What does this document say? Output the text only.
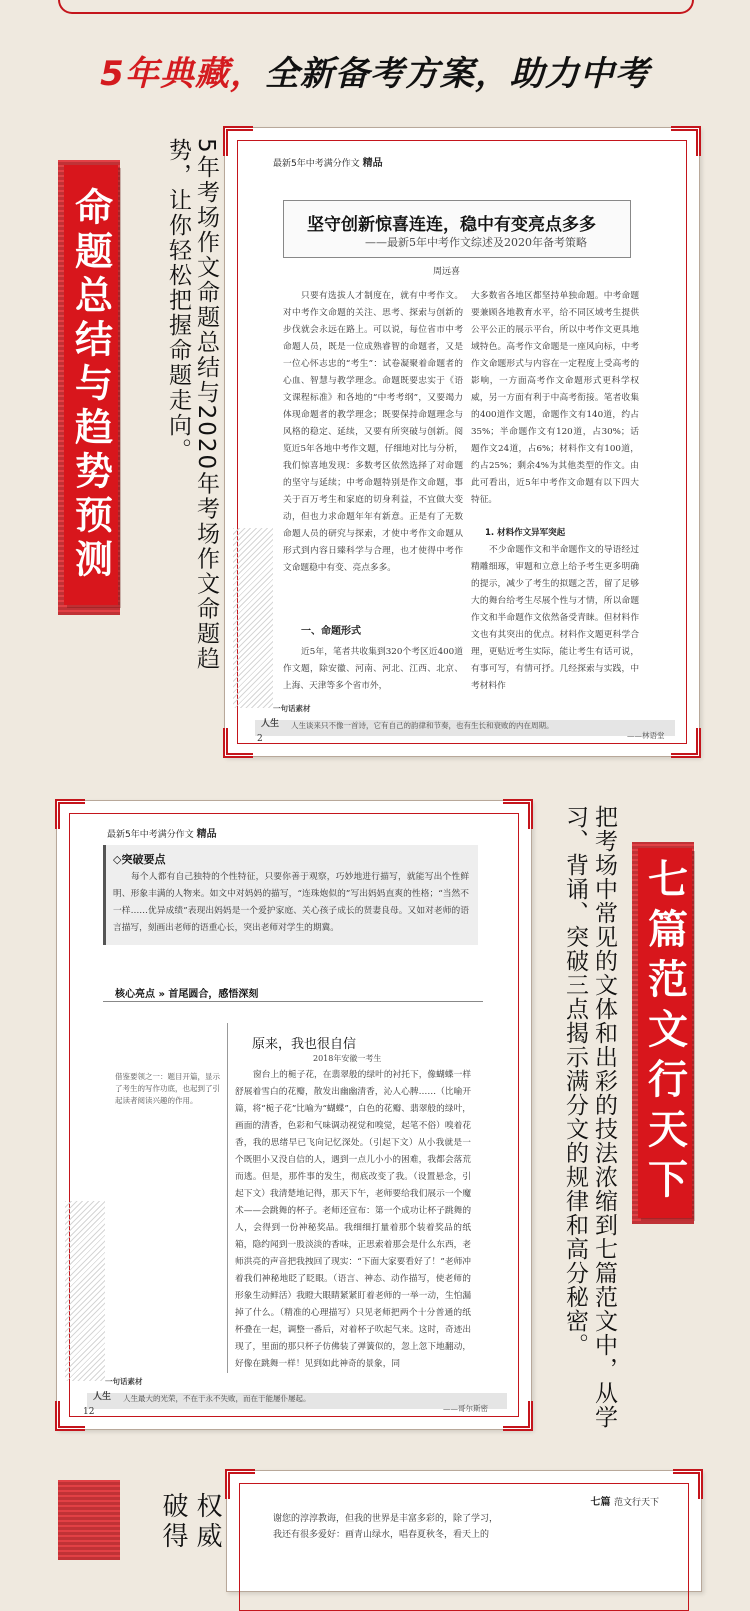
5年典藏，全新备考方案，助力中考
命题总结与趋势预测	5年考场作文命题总结与2020年考场作文命题趋势，让你轻松把握命题走向。	最新5年中考满分作文 精品
坚守创新惊喜连连，稳中有变亮点多多
——最新5年中考作文综述及2020年备考策略
周远喜
只要有选拔人才制度在，就有中考作文。对中考作文命题的关注、思考、探索与创新的步伐就会永远在路上。可以说，每位省市中考命题人员，既是一位成熟睿智的命题者，又是一位心怀志忠的“考生”：试卷凝聚着命题者的心血、智慧与教学理念。命题既要忠实于《语文课程标准》和各地的“中考考纲”，又要竭力体现命题者的教学理念；既要保持命题理念与风格的稳定、延续，又要有所突破与创新。阅览近5年各地中考作文题，仔细地对比与分析，我们惊喜地发现：多数考区依然选择了对命题的坚守与延续；中考命题特别是作文命题，事关于百万考生和家庭的切身利益，不宜做大变动，但也力求命题年年有新意。正是有了无数命题人员的研究与探索，才使中考作文命题从形式到内容日臻科学与合理，也才使得中考作文命题稳中有变、亮点多多。
一、命题形式
近5年，笔者共收集到320个考区近400道作文题，除安徽、河南、河北、江西、北京、上海、天津等多个省市外，
大多数省各地区都坚持单独命题。中考命题要兼顾各地教育水平，给不同区域考生提供公平公正的展示平台，所以中考作文更具地域特色。高考作文命题是一座风向标，中考作文命题形式与内容在一定程度上受高考的影响，一方面高考作文命题形式更科学权威，另一方面有利于中高考衔接。笔者收集的400道作文题，命题作文有140道，约占35%；半命题作文有120道，占30%；话题作文24道，占6%；材料作文有100道，约占25%；剩余4%为其他类型的作文。由此可看出，近5年中考作文命题有以下四大特征。
1. 材料作文异军突起
不少命题作文和半命题作文的导语经过精雕细琢，审题和立意上给予考生更多明确的提示，减少了考生的拟题之苦，留了足够大的舞台给考生尽展个性与才情，所以命题作文和半命题作文依然备受青睐。但材料作文也有其突出的优点。材料作文题更科学合理，更贴近考生实际，能让考生有话可说，有事可写，有情可抒。几经探索与实践，中考材料作
一句话素材
人生 人生谈来只不像一首诗，它有自己的韵律和节奏，也有生长和衰败的内在周期。
——林语堂
2
最新5年中考满分作文 精品
◇突破要点
每个人都有自己独特的个性特征，只要你善于观察，巧妙地进行描写，就能写出个性鲜明、形象丰满的人物来。如文中对妈妈的描写，“连珠炮似的”写出妈妈直爽的性格；“当然不一样……优异成绩”表现出妈妈是一个爱护家庭、关心孩子成长的贤妻良母。又如对老师的语言描写，刻画出老师的语重心长，突出老师对学生的期冀。
核心亮点 » 首尾圆合，感悟深刻
原来，我也很自信
2018年安徽一考生
借鉴要领之一：题目开篇，显示了考生的写作功底，也起到了引起读者阅读兴趣的作用。
窗台上的栀子花，在翡翠般的绿叶的衬托下，像蝴蝶一样舒展着雪白的花瓣，散发出幽幽清香，沁人心脾……（比喻开篇，将“栀子花”比喻为“蝴蝶”，白色的花瓣、翡翠般的绿叶，画面的清香，色彩和气味调动视觉和嗅觉，起笔不俗）嗅着花香，我的思绪早已飞向记忆深处。（引起下文）从小我就是一个既胆小又没自信的人，遇到一点儿小小的困难，我都会落荒而逃。但是，那件事的发生，彻底改变了我。（设置悬念，引起下文）我清楚地记得，那天下午，老师要给我们展示一个魔术——会跳舞的杯子。老师还宣布：第一个成功让杯子跳舞的人，会得到一份神秘奖品。我细细打量着那个装着奖品的纸箱，隐约闻到一股淡淡的香味，正思索着那会是什么东西，老师洪亮的声音把我拽回了现实：“下面大家要看好了！”老师冲着我们神秘地眨了眨眼。（语言、神态、动作描写，使老师的形象生动鲜活）我瞪大眼睛紧紧盯着老师的一举一动，生怕漏掉了什么。（精准的心理描写）只见老师把两个十分普通的纸杯叠在一起，调整一番后，对着杯子吹起气来。这时，奇迹出现了，里面的那只杯子仿佛装了弹簧似的，忽上忽下地翻动，好像在跳舞一样！见到如此神奇的景象，同
一句话素材
人生 人生最大的光荣，不在于永不失败，而在于能屡仆屡起。
——哥尔斯密
12	把考场中常见的文体和出彩的技法浓缩到七篇范文中，从学习、背诵、突破三点揭示满分文的规律和高分秘密。	七篇范文行天下
权威破得	七篇 范文行天下
谢您的淳淳教诲，但我的世界是丰富多彩的，除了学习，
我还有很多爱好：画青山绿水，唱春夏秋冬，看天上的
